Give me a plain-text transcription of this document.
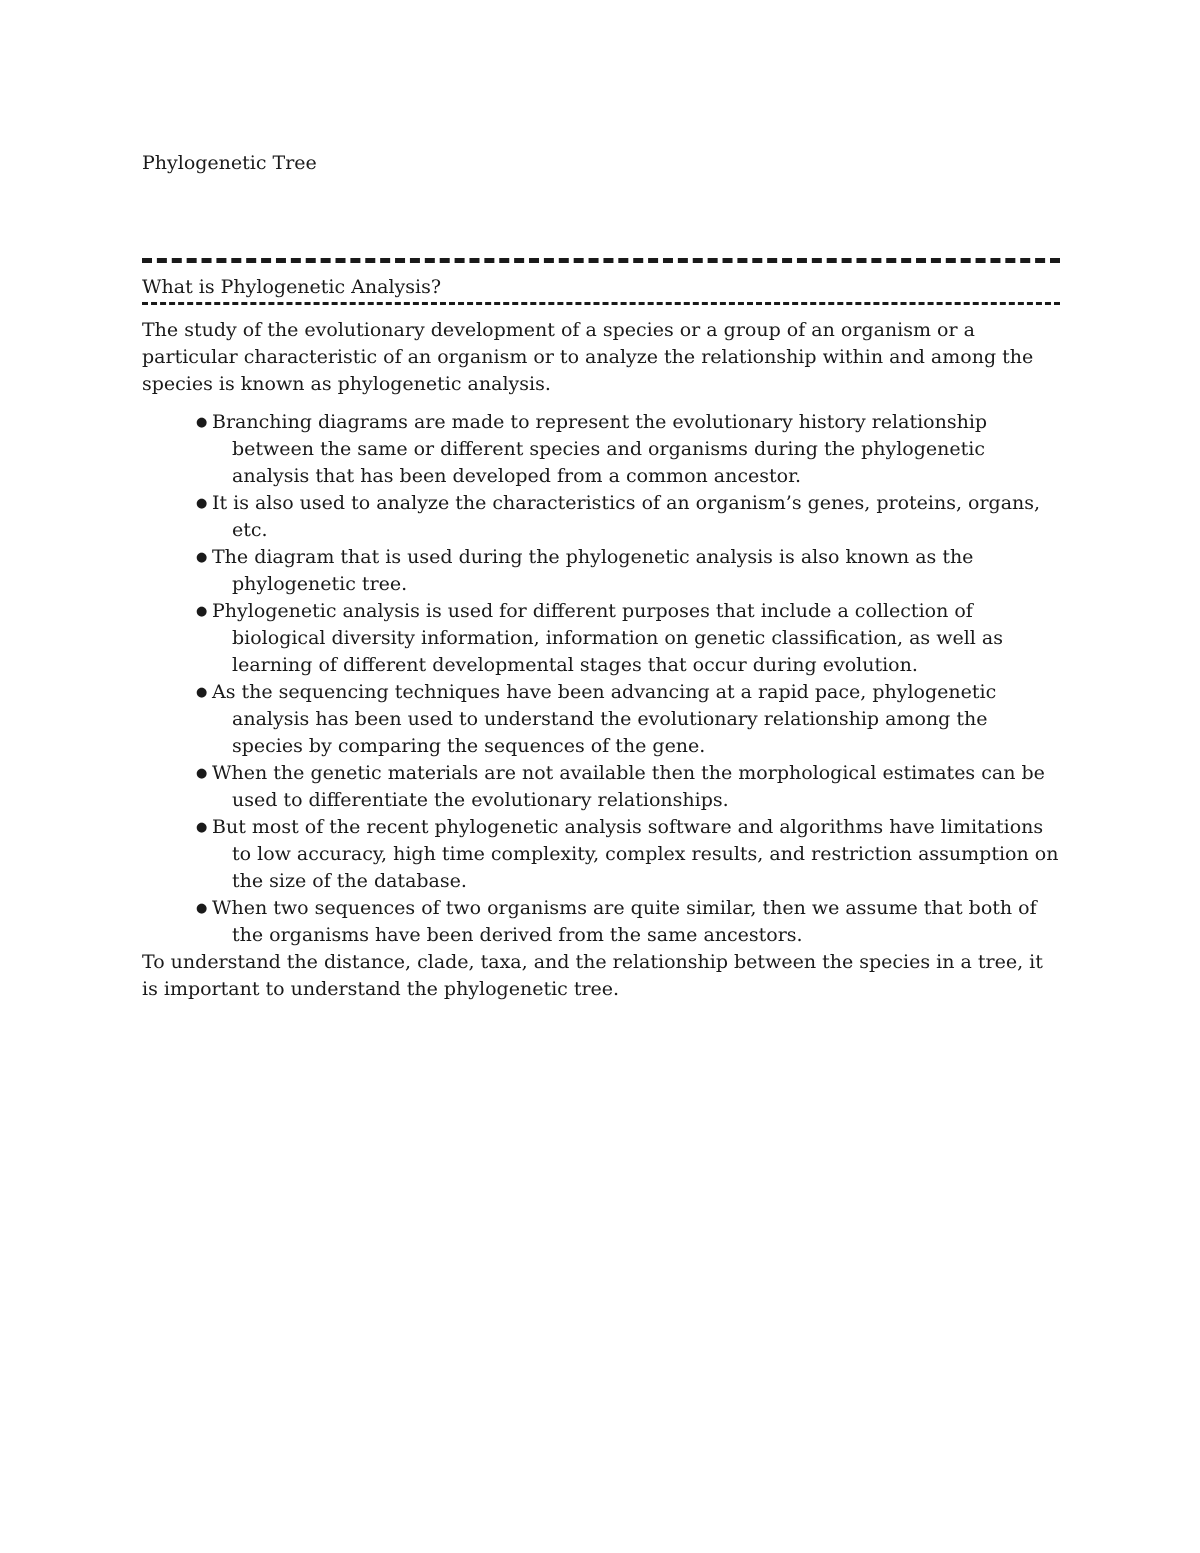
Phylogenetic Tree
What is Phylogenetic Analysis?

The study of the evolutionary development of a species or a group of an organism or a particular characteristic of an organism or to analyze the relationship within and among the species is known as phylogenetic analysis.

● Branching diagrams are made to represent the evolutionary history relationship between the same or different species and organisms during the phylogenetic analysis that has been developed from a common ancestor.
● It is also used to analyze the characteristics of an organism’s genes, proteins, organs, etc.
● The diagram that is used during the phylogenetic analysis is also known as the phylogenetic tree.
● Phylogenetic analysis is used for different purposes that include a collection of biological diversity information, information on genetic classification, as well as learning of different developmental stages that occur during evolution.
● As the sequencing techniques have been advancing at a rapid pace, phylogenetic analysis has been used to understand the evolutionary relationship among the species by comparing the sequences of the gene.
● When the genetic materials are not available then the morphological estimates can be used to differentiate the evolutionary relationships.
● But most of the recent phylogenetic analysis software and algorithms have limitations to low accuracy, high time complexity, complex results, and restriction assumption on the size of the database.
● When two sequences of two organisms are quite similar, then we assume that both of the organisms have been derived from the same ancestors.

To understand the distance, clade, taxa, and the relationship between the species in a tree, it is important to understand the phylogenetic tree.
